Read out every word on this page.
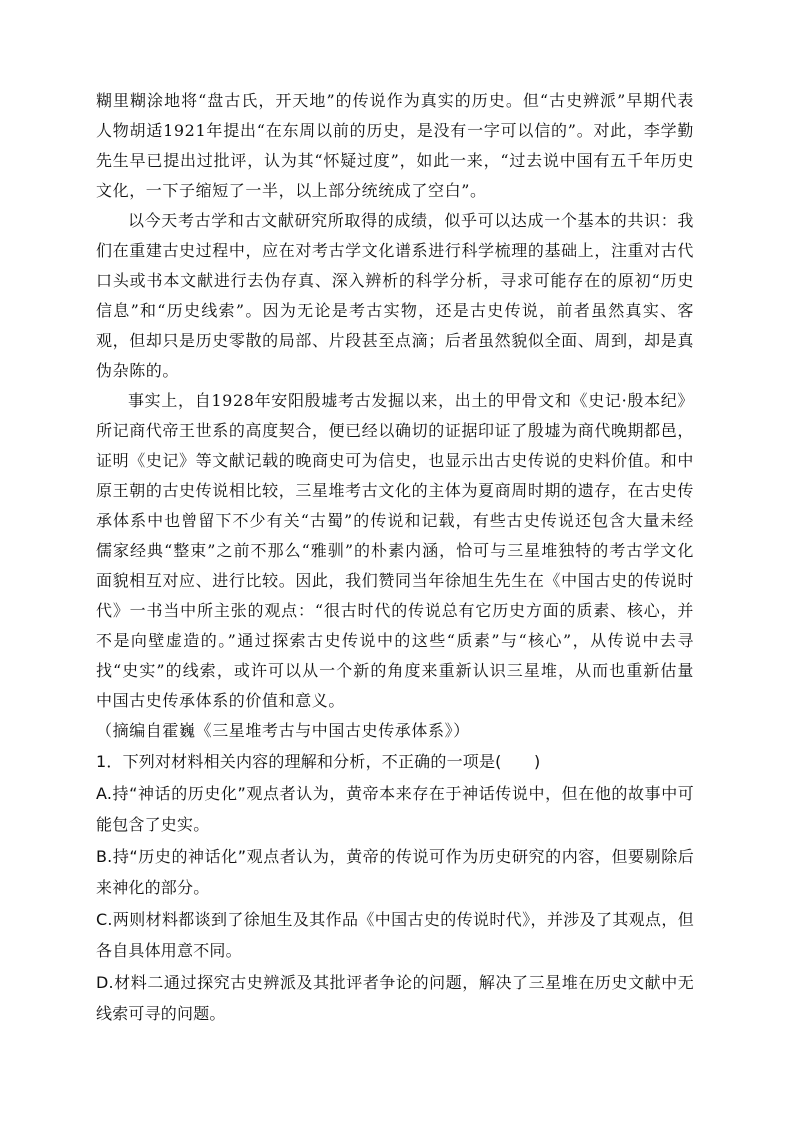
糊里糊涂地将“盘古氏，开天地”的传说作为真实的历史。但“古史辨派”早期代表人物胡适1921年提出“在东周以前的历史，是没有一字可以信的”。对此，李学勤先生早已提出过批评，认为其“怀疑过度”，如此一来，“过去说中国有五千年历史文化，一下子缩短了一半，以上部分统统成了空白”。

以今天考古学和古文献研究所取得的成绩，似乎可以达成一个基本的共识：我们在重建古史过程中，应在对考古学文化谱系进行科学梳理的基础上，注重对古代口头或书本文献进行去伪存真、深入辨析的科学分析，寻求可能存在的原初“历史信息”和“历史线索”。因为无论是考古实物，还是古史传说，前者虽然真实、客观，但却只是历史零散的局部、片段甚至点滴；后者虽然貌似全面、周到，却是真伪杂陈的。

事实上，自1928年安阳殷墟考古发掘以来，出土的甲骨文和《史记·殷本纪》所记商代帝王世系的高度契合，便已经以确切的证据印证了殷墟为商代晚期都邑，证明《史记》等文献记载的晚商史可为信史，也显示出古史传说的史料价值。和中原王朝的古史传说相比较，三星堆考古文化的主体为夏商周时期的遗存，在古史传承体系中也曾留下不少有关“古蜀”的传说和记载，有些古史传说还包含大量未经儒家经典“整束”之前不那么“雅驯”的朴素内涵，恰可与三星堆独特的考古学文化面貌相互对应、进行比较。因此，我们赞同当年徐旭生先生在《中国古史的传说时代》一书当中所主张的观点：“很古时代的传说总有它历史方面的质素、核心，并不是向壁虚造的。”通过探索古史传说中的这些“质素”与“核心”，从传说中去寻找“史实”的线索，或许可以从一个新的角度来重新认识三星堆，从而也重新估量中国古史传承体系的价值和意义。

（摘编自霍巍《三星堆考古与中国古史传承体系》）

1．下列对材料相关内容的理解和分析，不正确的一项是(　　)

A.持“神话的历史化”观点者认为，黄帝本来存在于神话传说中，但在他的故事中可能包含了史实。

B.持“历史的神话化”观点者认为，黄帝的传说可作为历史研究的内容，但要剔除后来神化的部分。

C.两则材料都谈到了徐旭生及其作品《中国古史的传说时代》，并涉及了其观点，但各自具体用意不同。

D.材料二通过探究古史辨派及其批评者争论的问题，解决了三星堆在历史文献中无线索可寻的问题。
